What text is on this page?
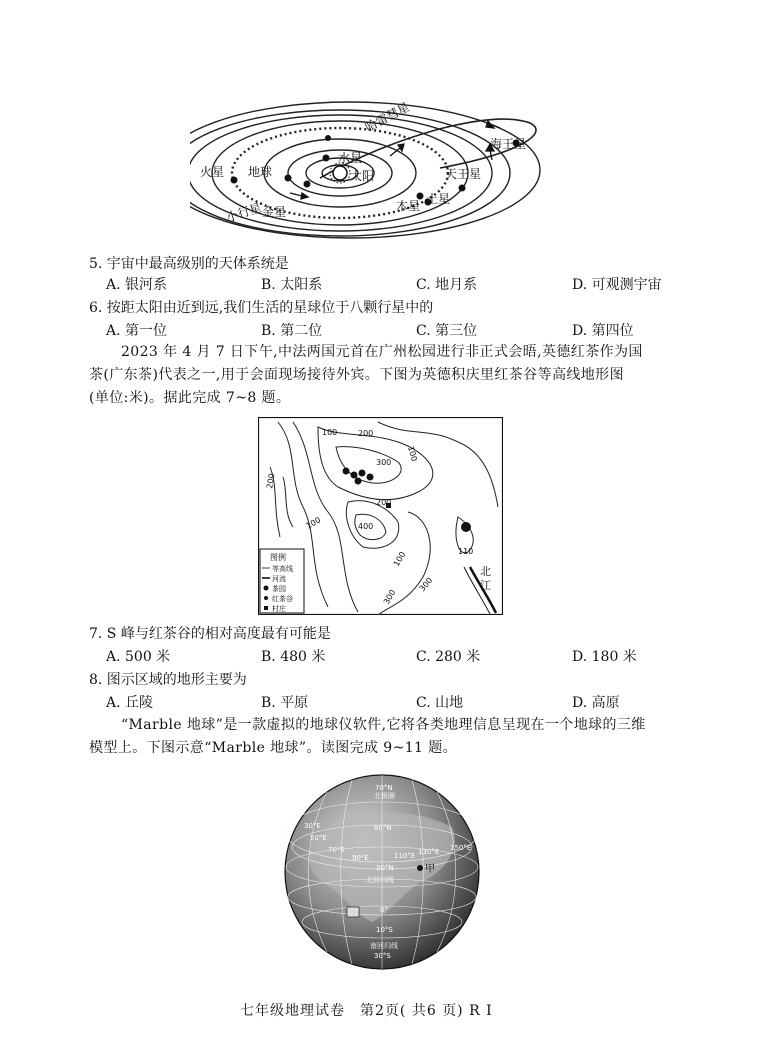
海王星
天王星
土星
木星
火星 地球
金星
水星
太阳
哈雷彗星
小行星
5. 宇宙中最高级别的天体系统是
A. 银河系	B. 太阳系	C. 地月系	D. 可观测宇宙
6. 按距太阳由近到远,我们生活的星球位于八颗行星中的
A. 第一位	B. 第二位	C. 第三位	D. 第四位
2023 年 4 月 7 日下午,中法两国元首在广州松园进行非正式会晤,英德红茶作为国
茶(广东茶)代表之一,用于会面现场接待外宾。下图为英德积庆里红茶谷等高线地形图
(单位:米)。据此完成 7~8 题。
100	200
300
400
100
200
100
200
110
100
300
300
北
江
图例
等高线
河流
茶园
红茶谷
村庄
7. S 峰与红茶谷的相对高度最有可能是
A. 500 米	B. 480 米	C. 280 米	D. 180 米
8. 图示区域的地形主要为
A. 丘陵	B. 平原	C. 山地	D. 高原
“Marble 地球”是一款虚拟的地球仪软件,它将各类地理信息呈现在一个地球的三维
模型上。下图示意“Marble 地球”。读图完成 9~11 题。
70°N
北极圈
60°N
30°E
50°E
70°E
90°E	110°E 130°E 150°E
30°N
北回归线
甲
0°
10°S
南回归线
30°S
七年级地理试卷　第2页( 共6 页) R I
